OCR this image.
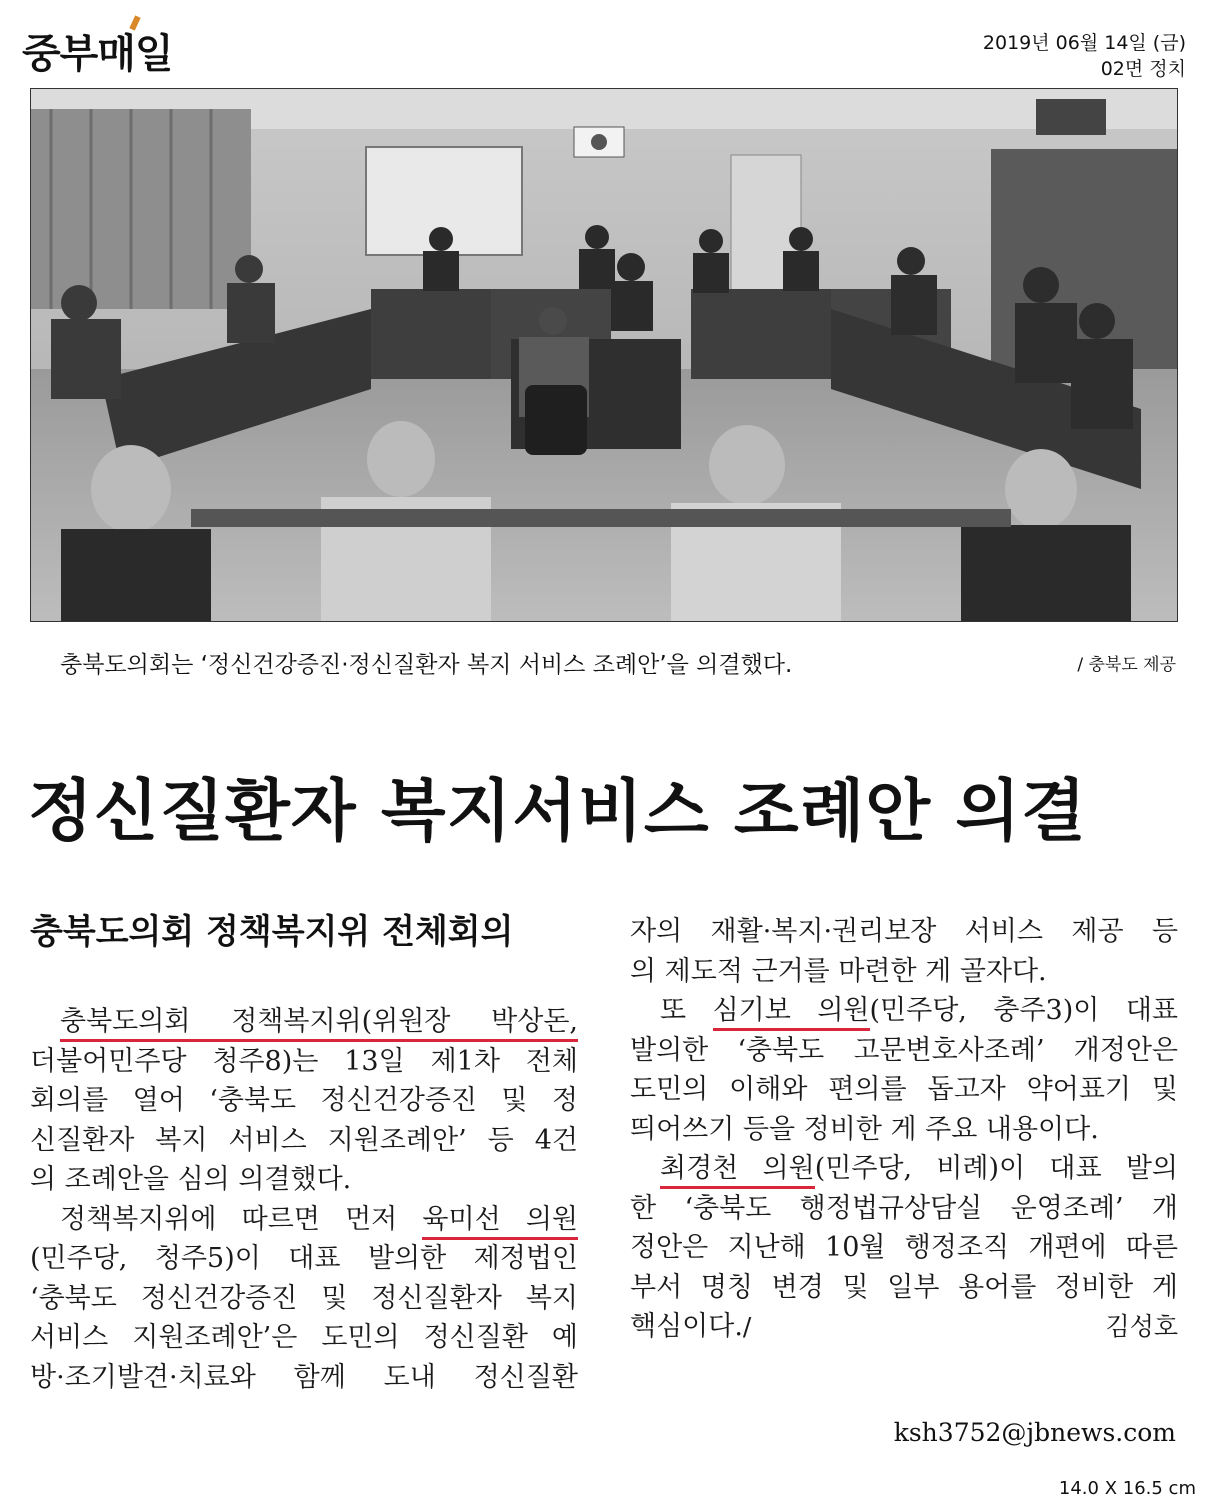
중부매일	2019년 06월 14일 (금)
02면 정치
충북도의회는 ‘정신건강증진·정신질환자 복지 서비스 조례안’을 의결했다.	/ 충북도 제공
정신질환자 복지서비스 조례안 의결
충북도의회 정책복지위 전체회의
충북도의회 정책복지위(위원장 박상돈,
더불어민주당 청주8)는 13일 제1차 전체
회의를 열어 ‘충북도 정신건강증진 및 정
신질환자 복지 서비스 지원조례안’ 등 4건
의 조례안을 심의 의결했다.
정책복지위에 따르면 먼저 육미선 의원
(민주당, 청주5)이 대표 발의한 제정법인
‘충북도 정신건강증진 및 정신질환자 복지
서비스 지원조례안’은 도민의 정신질환 예
방·조기발견·치료와 함께 도내 정신질환
자의 재활·복지·권리보장 서비스 제공 등
의 제도적 근거를 마련한 게 골자다.
또 심기보 의원(민주당, 충주3)이 대표
발의한 ‘충북도 고문변호사조례’ 개정안은
도민의 이해와 편의를 돕고자 약어표기 및
띄어쓰기 등을 정비한 게 주요 내용이다.
최경천 의원(민주당, 비례)이 대표 발의
한 ‘충북도 행정법규상담실 운영조례’ 개
정안은 지난해 10월 행정조직 개편에 따른
부서 명칭 변경 및 일부 용어를 정비한 게
핵심이다./ 김성호
ksh3752@jbnews.com
14.0 X 16.5 cm
